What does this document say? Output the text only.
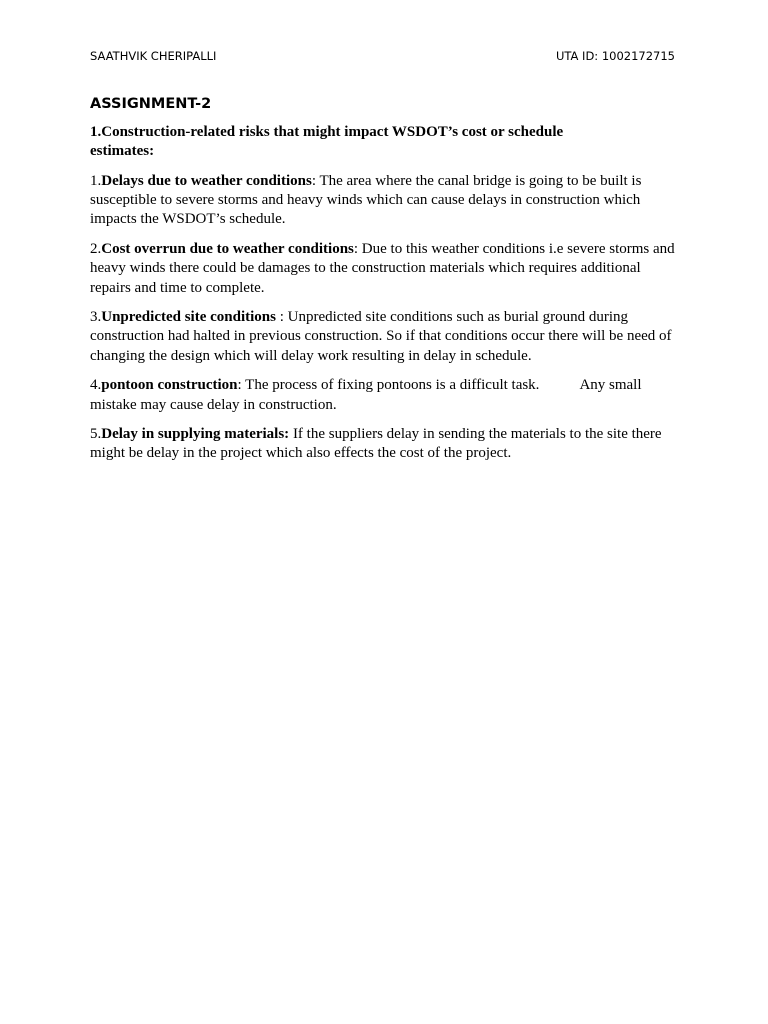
SAATHVIK CHERIPALLI	UTA ID: 1002172715
ASSIGNMENT-2
1.Construction-related risks that might impact WSDOT’s cost or schedule
estimates:

1.Delays due to weather conditions: The area where the canal bridge is going to be built is susceptible to severe storms and heavy winds which can cause delays in construction which impacts the WSDOT’s schedule.

2.Cost overrun due to weather conditions: Due to this weather conditions i.e severe storms and heavy winds there could be damages to the construction materials which requires additional repairs and time to complete.

3.Unpredicted site conditions : Unpredicted site conditions such as burial ground during construction had halted in previous construction. So if that conditions occur there will be need of changing the design which will delay work resulting in delay in schedule.

4.pontoon construction: The process of fixing pontoons is a difficult task.	Any small mistake may cause delay in construction.

5.Delay in supplying materials: If the suppliers delay in sending the materials to the site there might be delay in the project which also effects the cost of the project.
